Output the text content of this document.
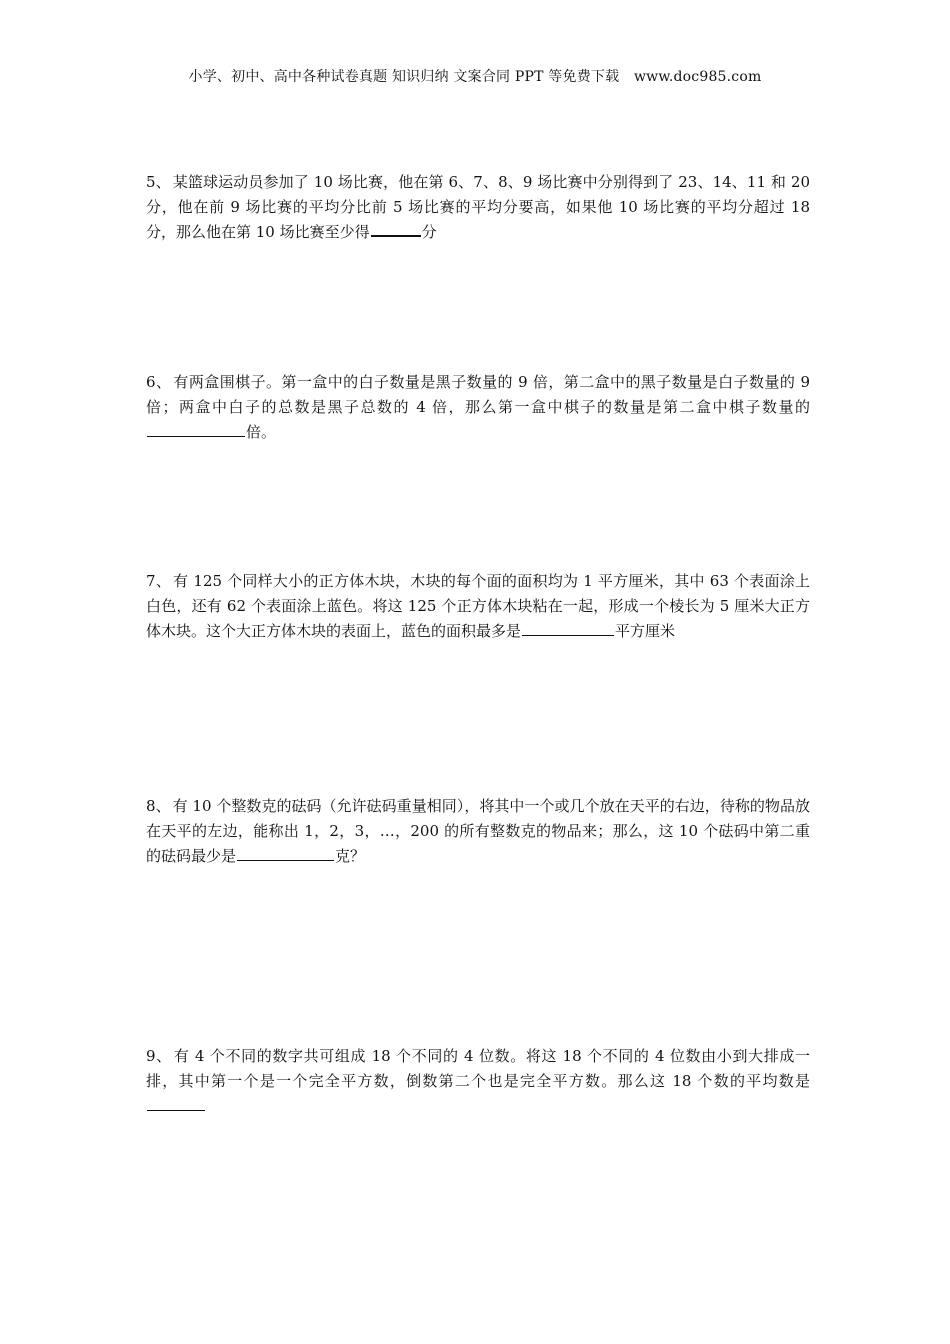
小学、初中、高中各种试卷真题 知识归纳 文案合同 PPT 等免费下载 www.doc985.com
5、 某篮球运动员参加了 10 场比赛，他在第 6、7、8、9 场比赛中分别得到了 23、14、11 和 20 分，他在前 9 场比赛的平均分比前 5 场比赛的平均分要高，如果他 10 场比赛的平均分超过 18 分，那么他在第 10 场比赛至少得	分
6、 有两盒围棋子。第一盒中的白子数量是黑子数量的 9 倍，第二盒中的黑子数量是白子数量的 9 倍；两盒中白子的总数是黑子总数的 4 倍，那么第一盒中棋子的数量是第二盒中棋子数量的倍。
7、 有 125 个同样大小的正方体木块，木块的每个面的面积均为 1 平方厘米，其中 63 个表面涂上白色，还有 62 个表面涂上蓝色。将这 125 个正方体木块粘在一起，形成一个棱长为 5 厘米大正方体木块。这个大正方体木块的表面上，蓝色的面积最多是	平方厘米
8、 有 10 个整数克的砝码（允许砝码重量相同），将其中一个或几个放在天平的右边，待称的物品放在天平的左边，能称出 1，2，3，…，200 的所有整数克的物品来；那么，这 10 个砝码中第二重的砝码最少是	克？
9、 有 4 个不同的数字共可组成 18 个不同的 4 位数。将这 18 个不同的 4 位数由小到大排成一排，其中第一个是一个完全平方数，倒数第二个也是完全平方数。那么这 18 个数的平均数是
